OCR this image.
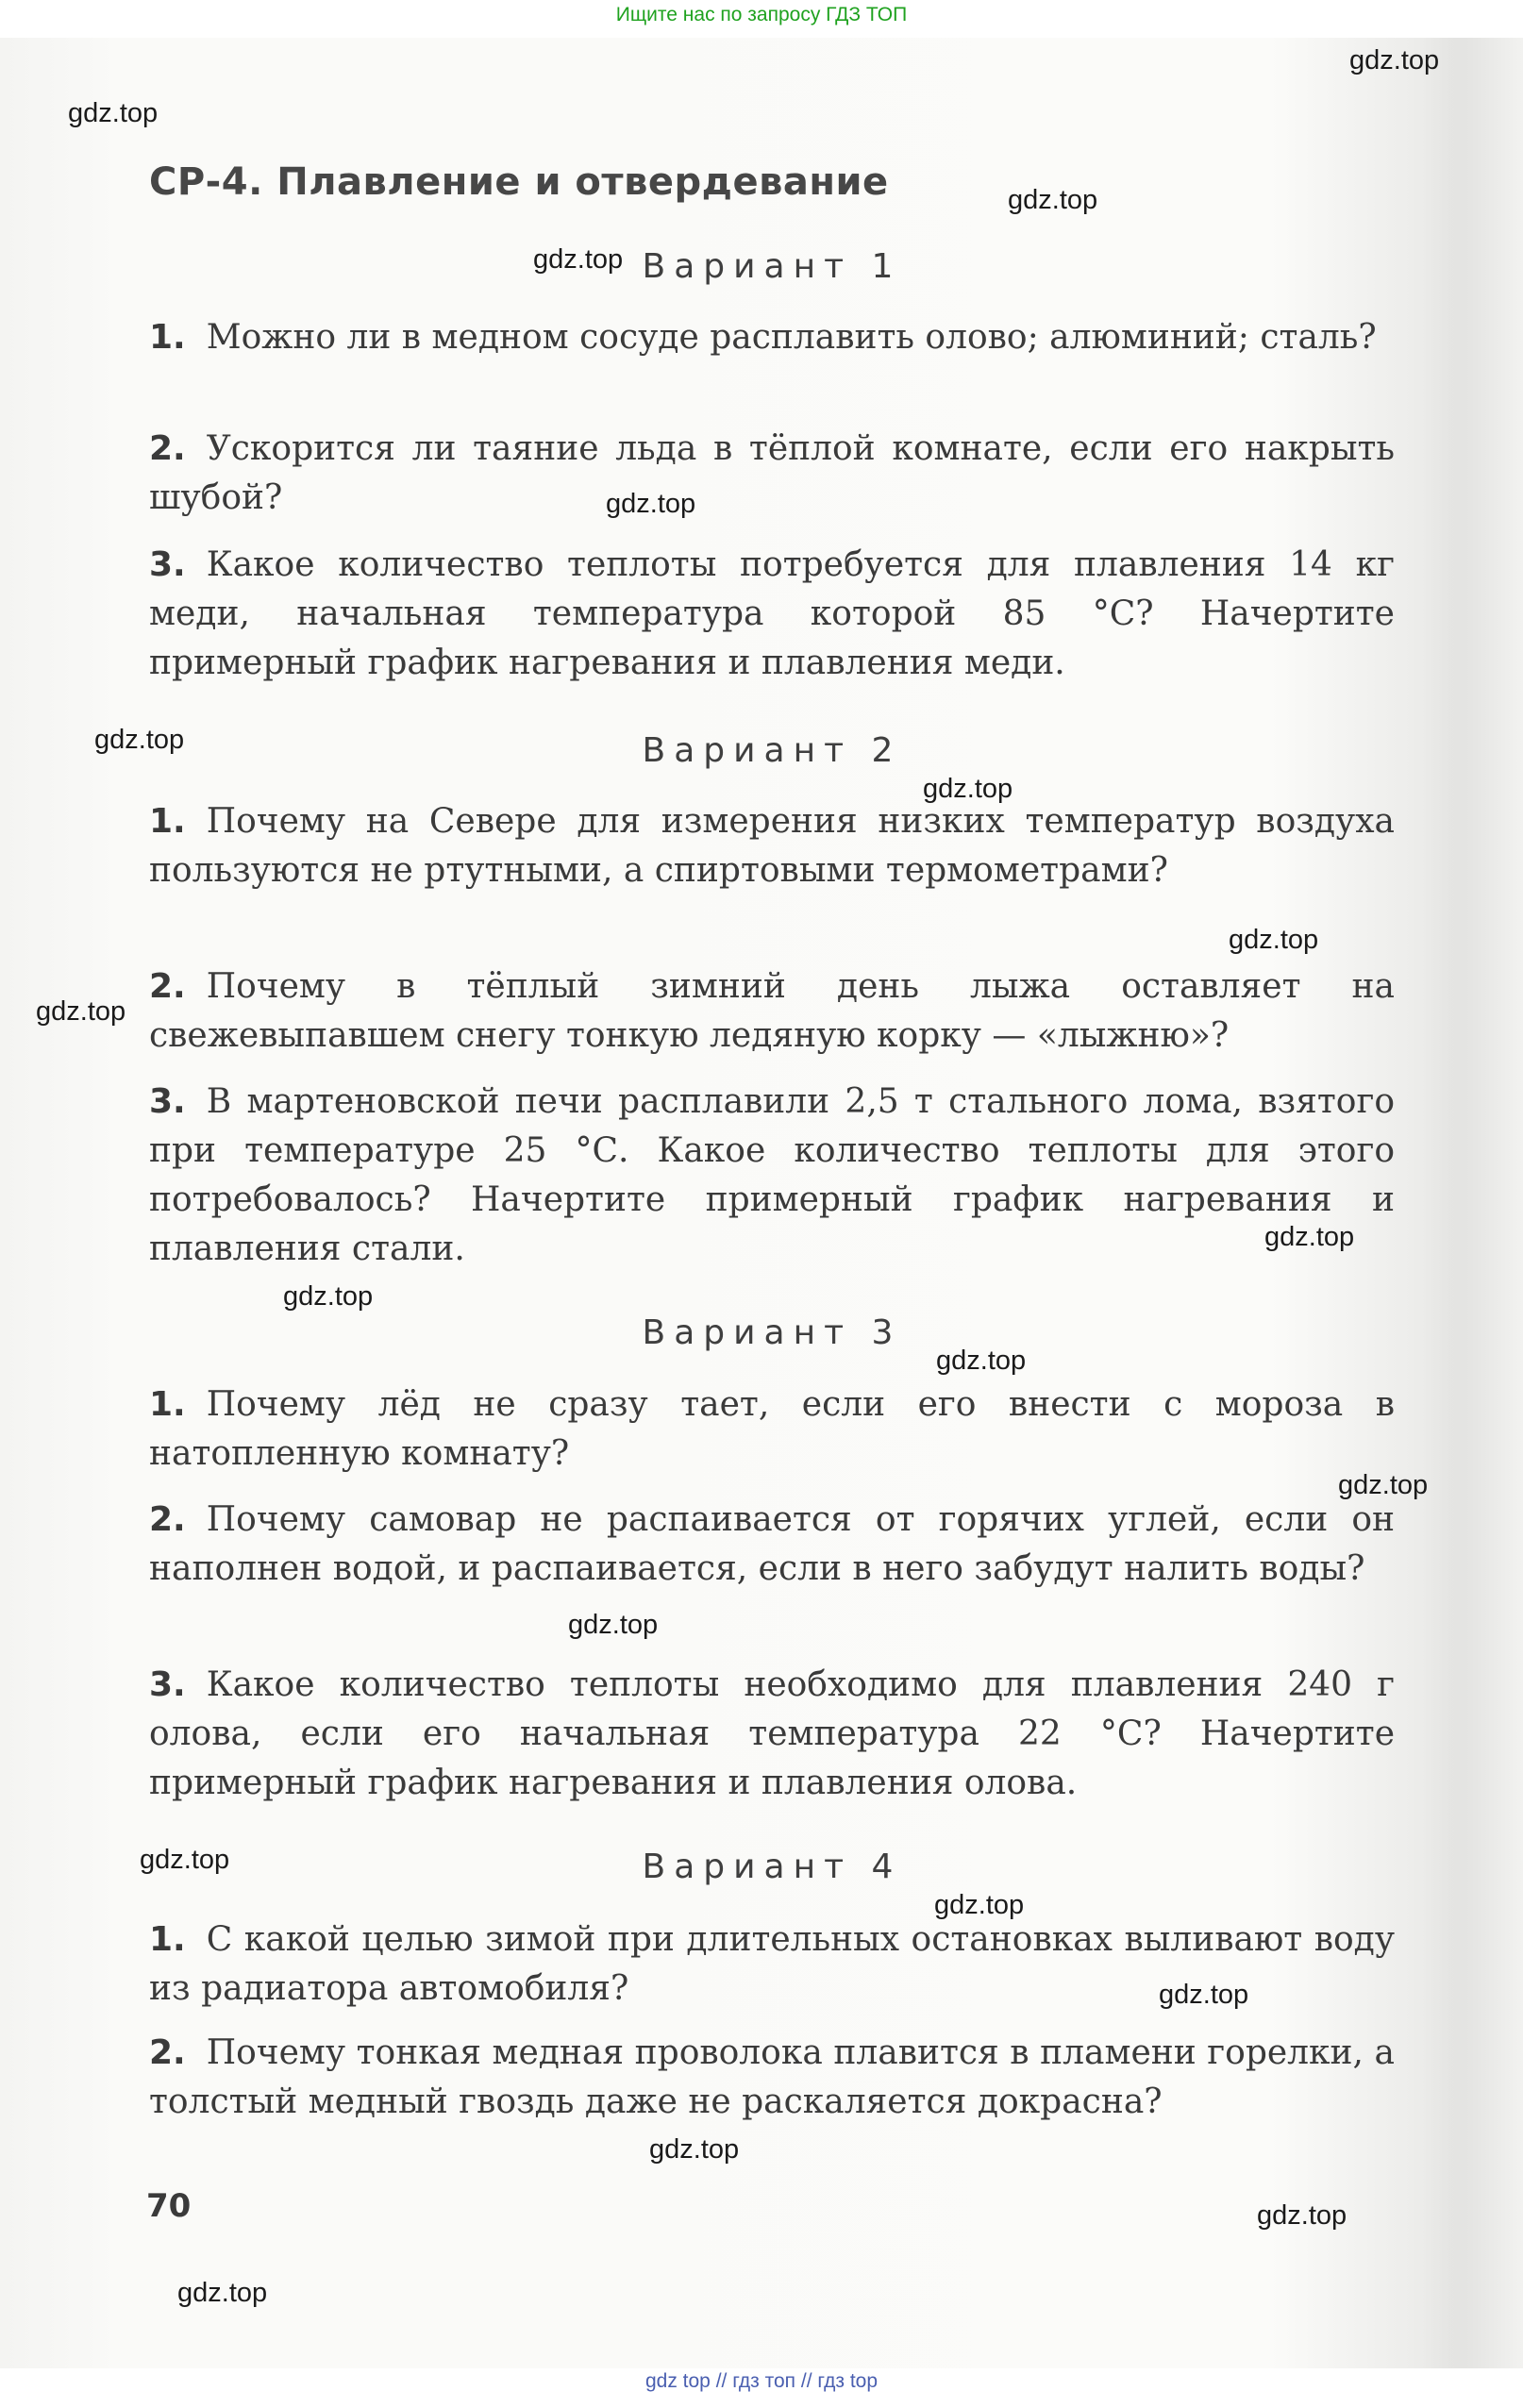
Ищите нас по запросу ГДЗ ТОП
СР-4. Плавление и отвердевание
Вариант 1
1. Можно ли в медном сосуде расплавить олово; алюминий; сталь?
2. Ускорится ли таяние льда в тёплой комнате, если его накрыть шубой?
3. Какое количество теплоты потребуется для плавления 14 кг меди, начальная температура которой 85 °С? Начертите примерный график нагревания и плавления меди.
Вариант 2
1. Почему на Севере для измерения низких температур воздуха пользуются не ртутными, а спиртовыми термометрами?
2. Почему в тёплый зимний день лыжа оставляет на свежевыпавшем снегу тонкую ледяную корку — «лыжню»?
3. В мартеновской печи расплавили 2,5 т стального лома, взятого при температуре 25 °С. Какое количество теплоты для этого потребовалось? Начертите примерный график нагревания и плавления стали.
Вариант 3
1. Почему лёд не сразу тает, если его внести с мороза в натопленную комнату?
2. Почему самовар не распаивается от горячих углей, если он наполнен водой, и распаивается, если в него забудут налить воды?
3. Какое количество теплоты необходимо для плавления 240 г олова, если его начальная температура 22 °С? Начертите примерный график нагревания и плавления олова.
Вариант 4
1. С какой целью зимой при длительных остановках выливают воду из радиатора автомобиля?
2. Почему тонкая медная проволока плавится в пламени горелки, а толстый медный гвоздь даже не раскаляется докрасна?
70
gdz.top
gdz.top
gdz.top
gdz.top
gdz.top
gdz.top
gdz.top
gdz.top
gdz.top
gdz.top
gdz.top
gdz.top
gdz.top
gdz.top
gdz.top
gdz.top
gdz.top
gdz.top
gdz.top
gdz.top
gdz top // гдз топ // гдз top
